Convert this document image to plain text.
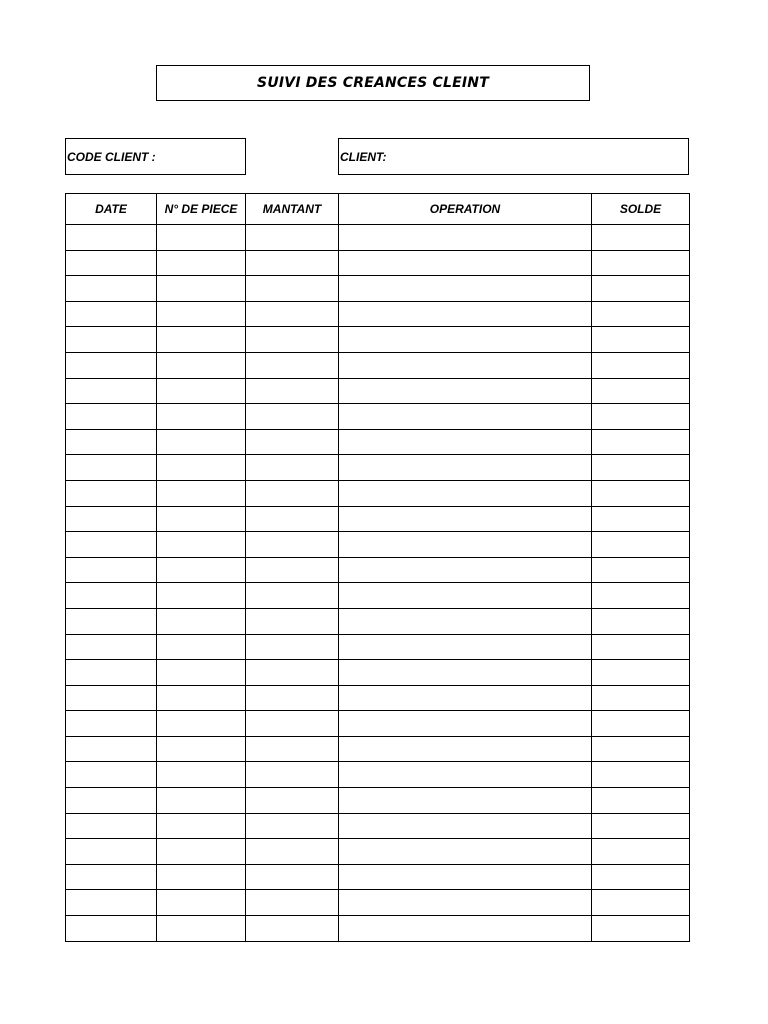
SUIVI DES CREANCES CLEINT
CODE CLIENT :	CLIENT:
DATE	N° DE PIECE	MANTANT	OPERATION	SOLDE
